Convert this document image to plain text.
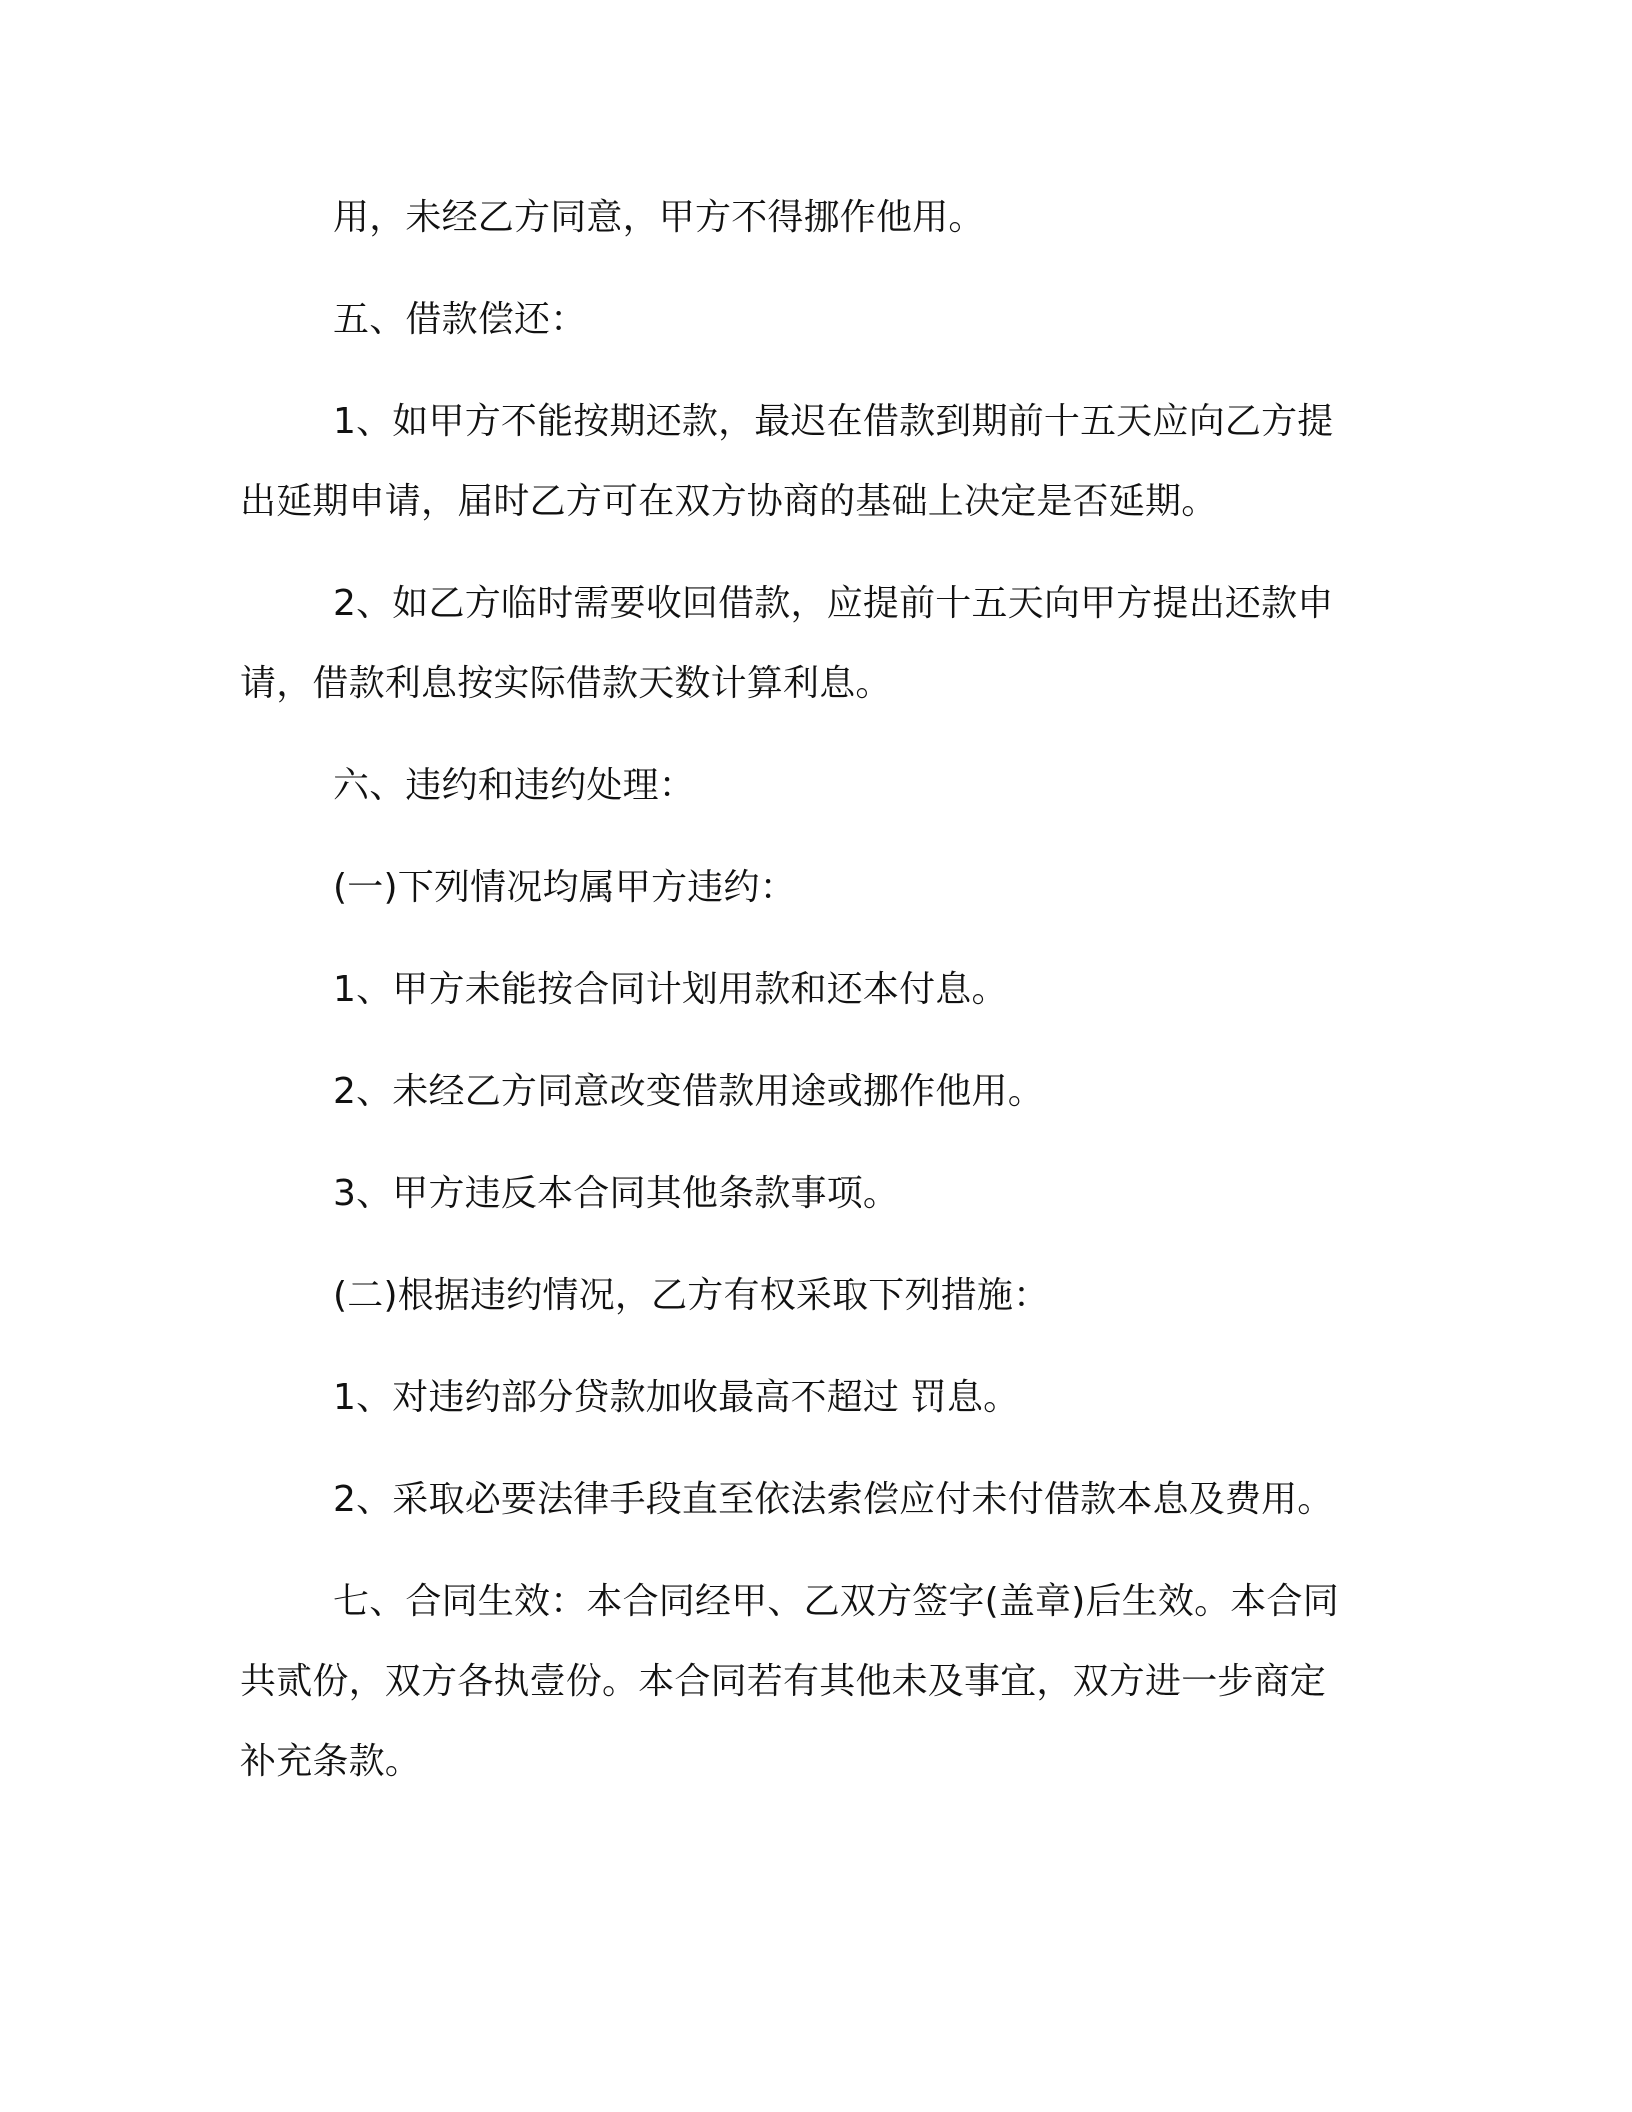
用，未经乙方同意，甲方不得挪作他用。
五、借款偿还：
1、如甲方不能按期还款，最迟在借款到期前十五天应向乙方提
出延期申请，届时乙方可在双方协商的基础上决定是否延期。
2、如乙方临时需要收回借款，应提前十五天向甲方提出还款申
请，借款利息按实际借款天数计算利息。
六、违约和违约处理：
(一)下列情况均属甲方违约：
1、甲方未能按合同计划用款和还本付息。
2、未经乙方同意改变借款用途或挪作他用。
3、甲方违反本合同其他条款事项。
(二)根据违约情况，乙方有权采取下列措施：
1、对违约部分贷款加收最高不超过 罚息。
2、采取必要法律手段直至依法索偿应付未付借款本息及费用。
七、合同生效：本合同经甲、乙双方签字(盖章)后生效。本合同
共贰份，双方各执壹份。本合同若有其他未及事宜，双方进一步商定
补充条款。
